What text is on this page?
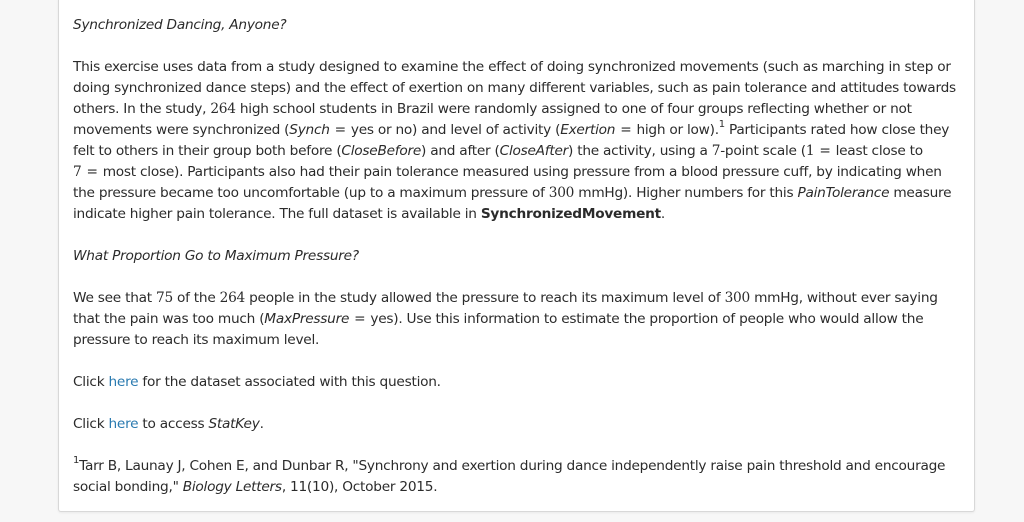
Synchronized Dancing, Anyone?

This exercise uses data from a study designed to examine the effect of doing synchronized movements (such as marching in step or doing synchronized dance steps) and the effect of exertion on many different variables, such as pain tolerance and attitudes towards others. In the study, 264 high school students in Brazil were randomly assigned to one of four groups reflecting whether or not movements were synchronized (Synch = yes or no) and level of activity (Exertion = high or low).$^1$ Participants rated how close they felt to others in their group both before (CloseBefore) and after (CloseAfter) the activity, using a 7-point scale (1 = least close to 7 = most close). Participants also had their pain tolerance measured using pressure from a blood pressure cuff, by indicating when the pressure became too uncomfortable (up to a maximum pressure of 300 mmHg). Higher numbers for this PainTolerance measure indicate higher pain tolerance. The full dataset is available in SynchronizedMovement.

What Proportion Go to Maximum Pressure?

We see that 75 of the 264 people in the study allowed the pressure to reach its maximum level of 300 mmHg, without ever saying that the pain was too much (MaxPressure = yes). Use this information to estimate the proportion of people who would allow the pressure to reach its maximum level.

Click here for the dataset associated with this question.

Click here to access StatKey.

$^1$Tarr B, Launay J, Cohen E, and Dunbar R, "Synchrony and exertion during dance independently raise pain threshold and encourage social bonding," Biology Letters, 11(10), October 2015.
